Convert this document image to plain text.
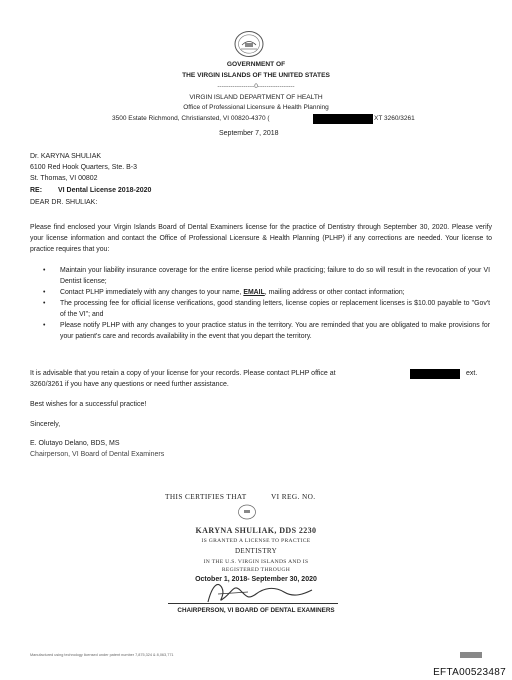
GOVERNMENT OF
THE VIRGIN ISLANDS OF THE UNITED STATES
-----------------0-----------------
VIRGIN ISLAND DEPARTMENT OF HEALTH
Office of Professional Licensure & Health Planning
3500 Estate Richmond, Christiansted, VI 00820-4370 (	XT 3260/3261
September 7, 2018
Dr. KARYNA SHULIAK
6100 Red Hook Quarters, Ste. B-3
St. Thomas, VI 00802
RE: VI Dental License 2018-2020
DEAR DR. SHULIAK:
Please find enclosed your Virgin Islands Board of Dental Examiners license for the practice of Dentistry through September 30, 2020. Please verify your license information and contact the Office of Professional Licensure & Health Planning (PLHP) if any corrections are needed. Your license to practice requires that you:
• Maintain your liability insurance coverage for the entire license period while practicing; failure to do so will result in the revocation of your VI Dentist license;
• Contact PLHP immediately with any changes to your name, EMAIL, mailing address or other contact information;
• The processing fee for official license verifications, good standing letters, license copies or replacement licenses is $10.00 payable to "Gov't of the VI"; and
• Please notify PLHP with any changes to your practice status in the territory. You are reminded that you are obligated to make provisions for your patient's care and records availability in the event that you depart the territory.
It is advisable that you retain a copy of your license for your records. Please contact PLHP office at	ext.
3260/3261 if you have any questions or need further assistance.
Best wishes for a successful practice!
Sincerely,
E. Olutayo Delano, BDS, MS
Chairperson, VI Board of Dental Examiners
THIS CERTIFIES THAT	VI REG. NO.
KARYNA SHULIAK, DDS 2230
IS GRANTED A LICENSE TO PRACTICE
DENTISTRY
IN THE U.S. VIRGIN ISLANDS AND IS
REGISTERED THROUGH
October 1, 2018- September 30, 2020
CHAIRPERSON, VI BOARD OF DENTAL EXAMINERS
Manufactured using technology licensed under patent number 7,875,324 & 8,063,771
EFTA00523487
